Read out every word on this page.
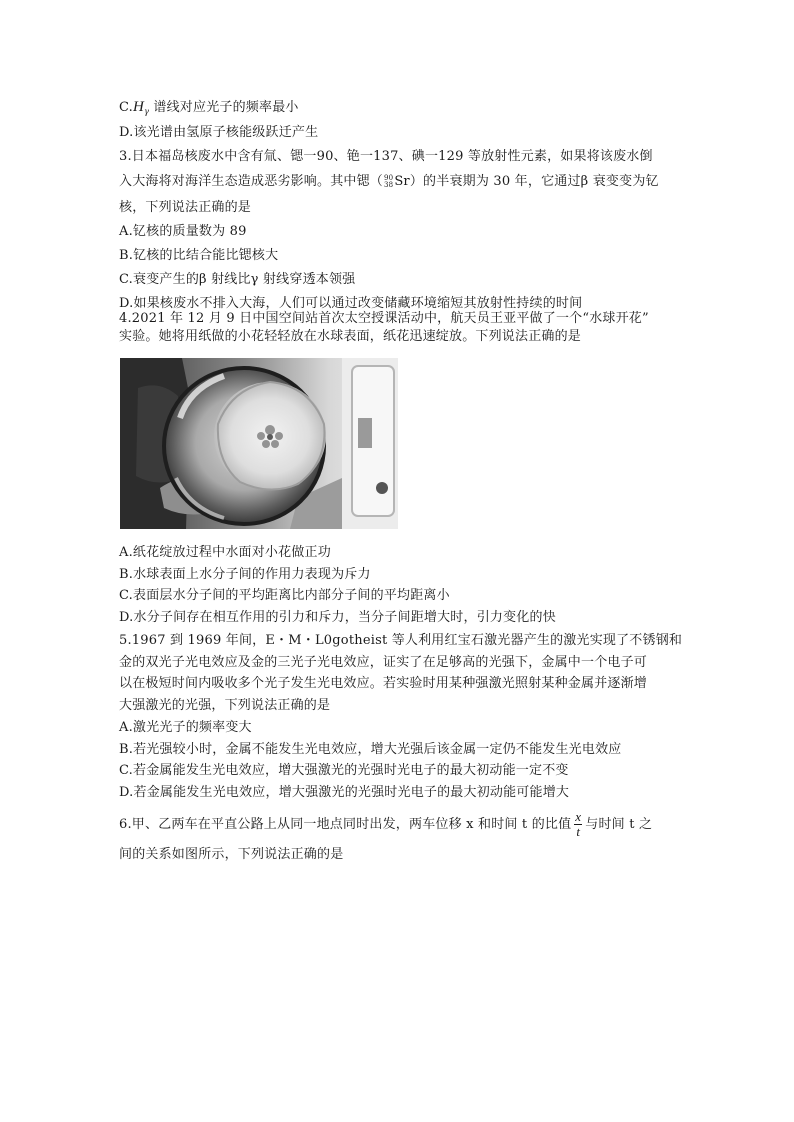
$C.H_\gamma$ 谱线对应光子的频率最小
D.该光谱由氢原子核能级跃迁产生
3.日本福岛核废水中含有氚、锶一90、铯一137、碘一129 等放射性元素，如果将该废水倒
入大海将对海洋生态造成恶劣影响。其中锶（ 90
38 Sr）的半衰期为 30 年，它通过β 衰变变为钇
核，下列说法正确的是
A.钇核的质量数为 89
B.钇核的比结合能比锶核大
C.衰变产生的β 射线比γ 射线穿透本领强
D.如果核废水不排入大海，人们可以通过改变储藏环境缩短其放射性持续的时间
4.2021 年 12 月 9 日中国空间站首次太空授课活动中，航天员王亚平做了一个“水球开花”
实验。她将用纸做的小花轻轻放在水球表面，纸花迅速绽放。下列说法正确的是
A.纸花绽放过程中水面对小花做正功
B.水球表面上水分子间的作用力表现为斥力
C.表面层水分子间的平均距离比内部分子间的平均距离小
D.水分子间存在相互作用的引力和斥力，当分子间距增大时，引力变化的快
5.1967 到 1969 年间，E・M・L0gotheist 等人利用红宝石激光器产生的激光实现了不锈钢和
金的双光子光电效应及金的三光子光电效应，证实了在足够高的光强下，金属中一个电子可
以在极短时间内吸收多个光子发生光电效应。若实验时用某种强激光照射某种金属并逐渐增
大强激光的光强，下列说法正确的是
A.激光光子的频率变大
B.若光强较小时，金属不能发生光电效应，增大光强后该金属一定仍不能发生光电效应
C.若金属能发生光电效应，增大强激光的光强时光电子的最大初动能一定不变
D.若金属能发生光电效应，增大强激光的光强时光电子的最大初动能可能增大
6.甲、乙两车在平直公路上从同一地点同时出发，两车位移 x 和时间 t 的比值 $\frac{x}{t}$ 与时间 t 之
间的关系如图所示，下列说法正确的是
